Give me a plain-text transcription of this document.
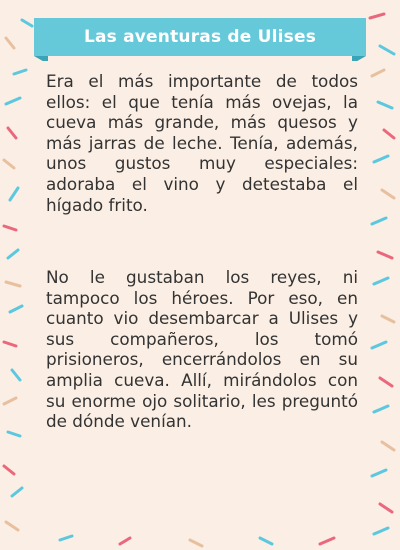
Las aventuras de Ulises

Era el más importante de todos ellos: el que tenía más ovejas, la cueva más grande, más quesos y más jarras de leche. Tenía, además, unos gustos muy especiales: adoraba el vino y detestaba el hígado frito.

No le gustaban los reyes, ni tampoco los héroes. Por eso, en cuanto vio desembarcar a Ulises y sus compañeros, los tomó prisioneros, encerrándolos en su amplia cueva. Allí, mirándolos con su enorme ojo solitario, les preguntó de dónde venían.
